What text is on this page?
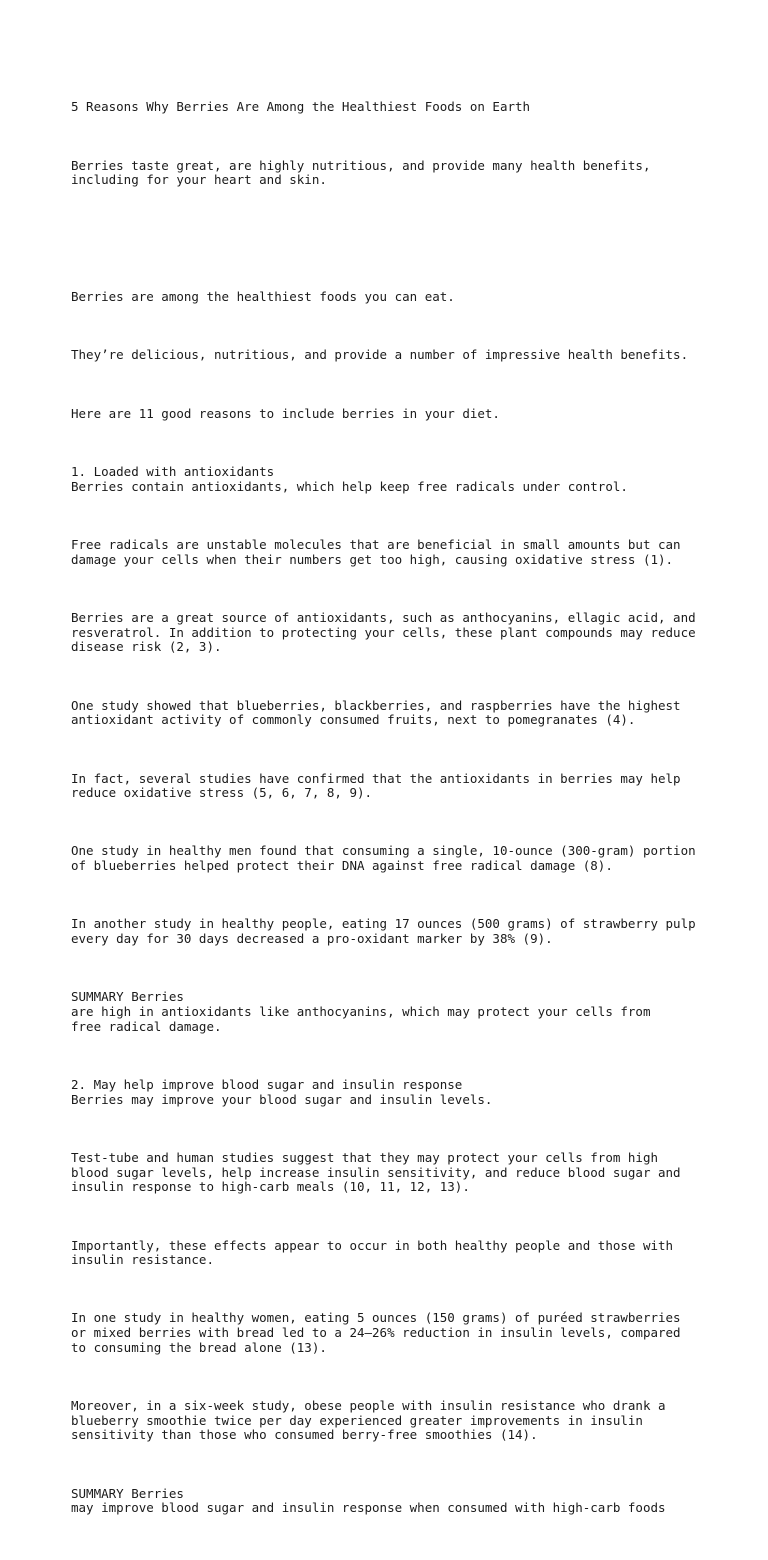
5 Reasons Why Berries Are Among the Healthiest Foods on Earth

Berries taste great, are highly nutritious, and provide many health benefits,
including for your heart and skin.

Berries are among the healthiest foods you can eat.

They’re delicious, nutritious, and provide a number of impressive health benefits.

Here are 11 good reasons to include berries in your diet.

1. Loaded with antioxidants
Berries contain antioxidants, which help keep free radicals under control.

Free radicals are unstable molecules that are beneficial in small amounts but can
damage your cells when their numbers get too high, causing oxidative stress (1).

Berries are a great source of antioxidants, such as anthocyanins, ellagic acid, and
resveratrol. In addition to protecting your cells, these plant compounds may reduce
disease risk (2, 3).

One study showed that blueberries, blackberries, and raspberries have the highest
antioxidant activity of commonly consumed fruits, next to pomegranates (4).

In fact, several studies have confirmed that the antioxidants in berries may help
reduce oxidative stress (5, 6, 7, 8, 9).

One study in healthy men found that consuming a single, 10-ounce (300-gram) portion
of blueberries helped protect their DNA against free radical damage (8).

In another study in healthy people, eating 17 ounces (500 grams) of strawberry pulp
every day for 30 days decreased a pro-oxidant marker by 38% (9).

SUMMARY Berries
are high in antioxidants like anthocyanins, which may protect your cells from
free radical damage.

2. May help improve blood sugar and insulin response
Berries may improve your blood sugar and insulin levels.

Test-tube and human studies suggest that they may protect your cells from high
blood sugar levels, help increase insulin sensitivity, and reduce blood sugar and
insulin response to high-carb meals (10, 11, 12, 13).

Importantly, these effects appear to occur in both healthy people and those with
insulin resistance.

In one study in healthy women, eating 5 ounces (150 grams) of puréed strawberries
or mixed berries with bread led to a 24–26% reduction in insulin levels, compared
to consuming the bread alone (13).

Moreover, in a six-week study, obese people with insulin resistance who drank a
blueberry smoothie twice per day experienced greater improvements in insulin
sensitivity than those who consumed berry-free smoothies (14).

SUMMARY Berries
may improve blood sugar and insulin response when consumed with high-carb foods
